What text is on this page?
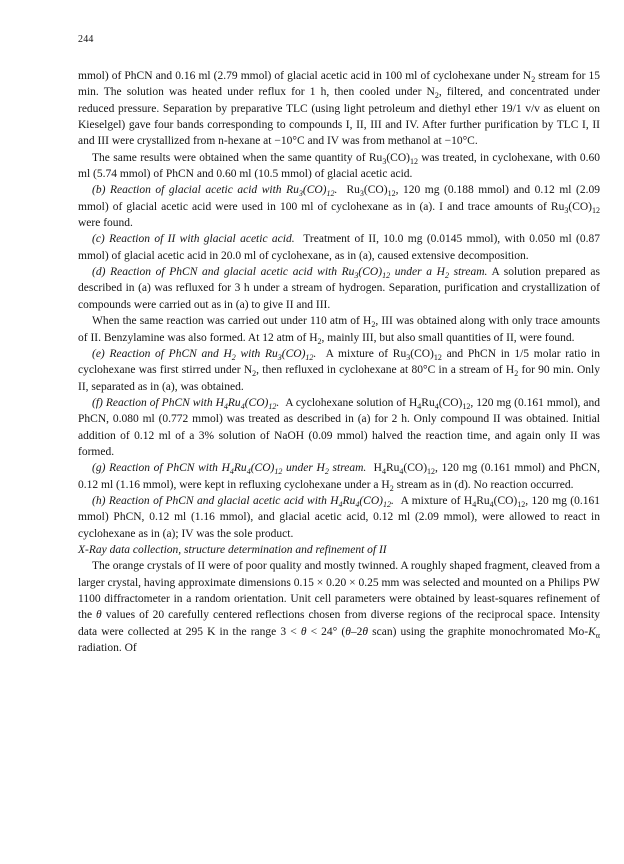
244

mmol) of PhCN and 0.16 ml (2.79 mmol) of glacial acetic acid in 100 ml of cyclohexane under $N_2$ stream for 15 min. The solution was heated under reflux for 1 h, then cooled under $N_2$, filtered, and concentrated under reduced pressure. Separation by preparative TLC (using light petroleum and diethyl ether 19/1 v/v as eluent on Kieselgel) gave four bands corresponding to compounds I, II, III and IV. After further purification by TLC I, II and III were crystallized from n-hexane at −10°C and IV was from methanol at −10°C.

The same results were obtained when the same quantity of $Ru_3(CO)_{12}$ was treated, in cyclohexane, with 0.60 ml (5.74 mmol) of PhCN and 0.60 ml (10.5 mmol) of glacial acetic acid.

(b) Reaction of glacial acetic acid with $Ru_3(CO)_{12}$.  $Ru_3(CO)_{12}$, 120 mg (0.188 mmol) and 0.12 ml (2.09 mmol) of glacial acetic acid were used in 100 ml of cyclohexane as in (a). I and trace amounts of $Ru_3(CO)_{12}$ were found.

(c) Reaction of II with glacial acetic acid.  Treatment of II, 10.0 mg (0.0145 mmol), with 0.050 ml (0.87 mmol) of glacial acetic acid in 20.0 ml of cyclohexane, as in (a), caused extensive decomposition.

(d) Reaction of PhCN and glacial acetic acid with $Ru_3(CO)_{12}$ under a $H_2$ stream. A solution prepared as described in (a) was refluxed for 3 h under a stream of hydrogen. Separation, purification and crystallization of compounds were carried out as in (a) to give II and III.

When the same reaction was carried out under 110 atm of $H_2$, III was obtained along with only trace amounts of II. Benzylamine was also formed. At 12 atm of $H_2$, mainly III, but also small quantities of II, were found.

(e) Reaction of PhCN and $H_2$ with $Ru_3(CO)_{12}$.  A mixture of $Ru_3(CO)_{12}$ and PhCN in 1/5 molar ratio in cyclohexane was first stirred under $N_2$, then refluxed in cyclohexane at 80°C in a stream of $H_2$ for 90 min. Only II, separated as in (a), was obtained.

(f) Reaction of PhCN with $H_4Ru_4(CO)_{12}$.  A cyclohexane solution of $H_4Ru_4(CO)_{12}$, 120 mg (0.161 mmol), and PhCN, 0.080 ml (0.772 mmol) was treated as described in (a) for 2 h. Only compound II was obtained. Initial addition of 0.12 ml of a 3% solution of NaOH (0.09 mmol) halved the reaction time, and again only II was formed.

(g) Reaction of PhCN with $H_4Ru_4(CO)_{12}$ under $H_2$ stream.  $H_4Ru_4(CO)_{12}$, 120 mg (0.161 mmol) and PhCN, 0.12 ml (1.16 mmol), were kept in refluxing cyclohexane under a $H_2$ stream as in (d). No reaction occurred.

(h) Reaction of PhCN and glacial acetic acid with $H_4Ru_4(CO)_{12}$.  A mixture of $H_4Ru_4(CO)_{12}$, 120 mg (0.161 mmol) PhCN, 0.12 ml (1.16 mmol), and glacial acetic acid, 0.12 ml (2.09 mmol), were allowed to react in cyclohexane as in (a); IV was the sole product.

X-Ray data collection, structure determination and refinement of II

The orange crystals of II were of poor quality and mostly twinned. A roughly shaped fragment, cleaved from a larger crystal, having approximate dimensions 0.15 × 0.20 × 0.25 mm was selected and mounted on a Philips PW 1100 diffractometer in a random orientation. Unit cell parameters were obtained by least-squares refinement of the θ values of 20 carefully centered reflections chosen from diverse regions of the reciprocal space. Intensity data were collected at 295 K in the range 3 < θ < 24° (θ–2θ scan) using the graphite monochromated $Mo-K_\alpha$ radiation. Of
